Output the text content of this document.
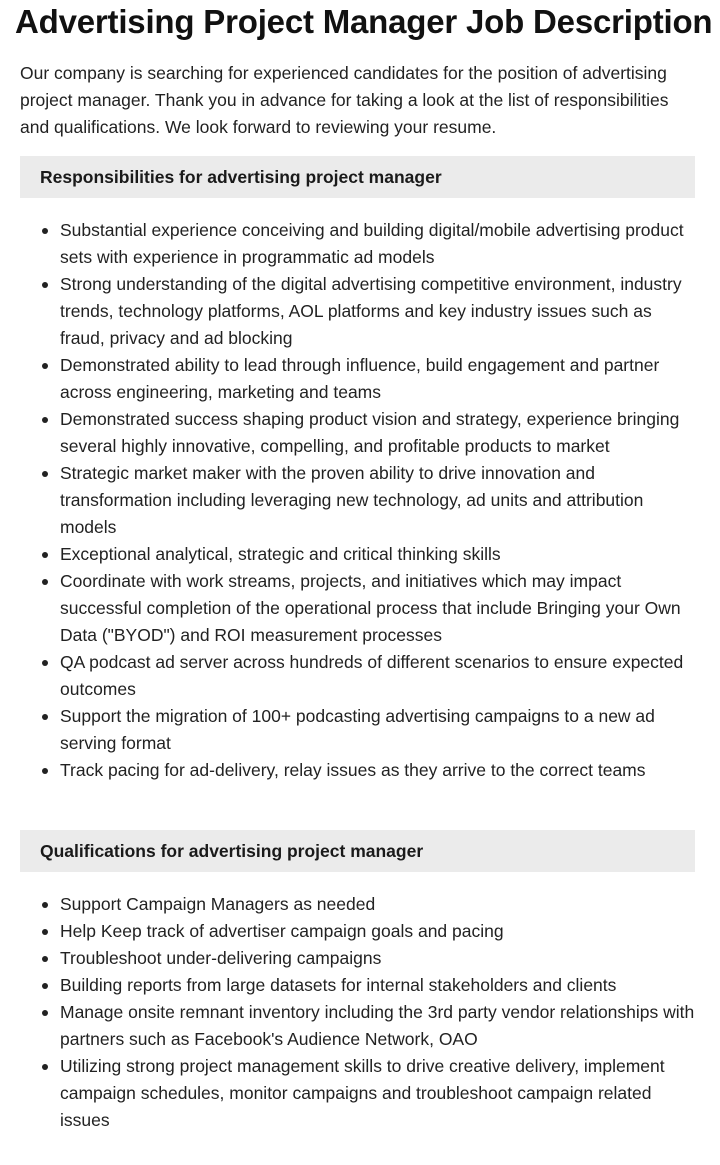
Advertising Project Manager Job Description

Our company is searching for experienced candidates for the position of advertising project manager. Thank you in advance for taking a look at the list of responsibilities and qualifications. We look forward to reviewing your resume.

Responsibilities for advertising project manager
Substantial experience conceiving and building digital/mobile advertising product sets with experience in programmatic ad models
Strong understanding of the digital advertising competitive environment, industry trends, technology platforms, AOL platforms and key industry issues such as fraud, privacy and ad blocking
Demonstrated ability to lead through influence, build engagement and partner across engineering, marketing and teams
Demonstrated success shaping product vision and strategy, experience bringing several highly innovative, compelling, and profitable products to market
Strategic market maker with the proven ability to drive innovation and transformation including leveraging new technology, ad units and attribution models
Exceptional analytical, strategic and critical thinking skills
Coordinate with work streams, projects, and initiatives which may impact successful completion of the operational process that include Bringing your Own Data ("BYOD") and ROI measurement processes
QA podcast ad server across hundreds of different scenarios to ensure expected outcomes
Support the migration of 100+ podcasting advertising campaigns to a new ad serving format
Track pacing for ad-delivery, relay issues as they arrive to the correct teams
Qualifications for advertising project manager
Support Campaign Managers as needed
Help Keep track of advertiser campaign goals and pacing
Troubleshoot under-delivering campaigns
Building reports from large datasets for internal stakeholders and clients
Manage onsite remnant inventory including the 3rd party vendor relationships with partners such as Facebook's Audience Network, OAO
Utilizing strong project management skills to drive creative delivery, implement campaign schedules, monitor campaigns and troubleshoot campaign related issues
